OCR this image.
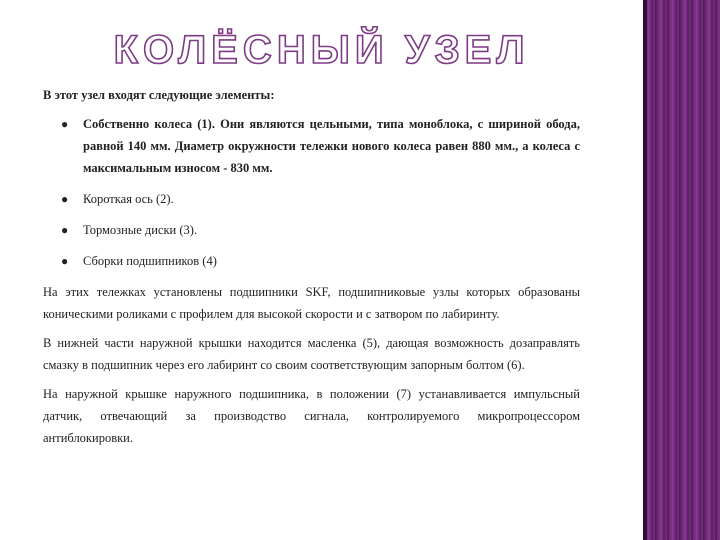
КОЛЁСНЫЙ УЗЕЛ

В этот узел входят следующие элементы:

● Собственно колеса (1). Они являются цельными, типа моноблока, с шириной обода, равной 140 мм. Диаметр окружности тележки нового колеса равен 880 мм., а колеса с максимальным износом - 830 мм.
● Короткая ось (2).
● Тормозные диски (3).
● Сборки подшипников (4)

На этих тележках установлены подшипники SKF, подшипниковые узлы которых образованы коническими роликами с профилем для высокой скорости и с затвором по лабиринту.

В нижней части наружной крышки находится масленка (5), дающая возможность дозаправлять смазку в подшипник через его лабиринт со своим соответствующим запорным болтом (6).

На наружной крышке наружного подшипника, в положении (7) устанавливается импульсный датчик, отвечающий за производство сигнала, контролируемого микропроцессором антиблокировки.
